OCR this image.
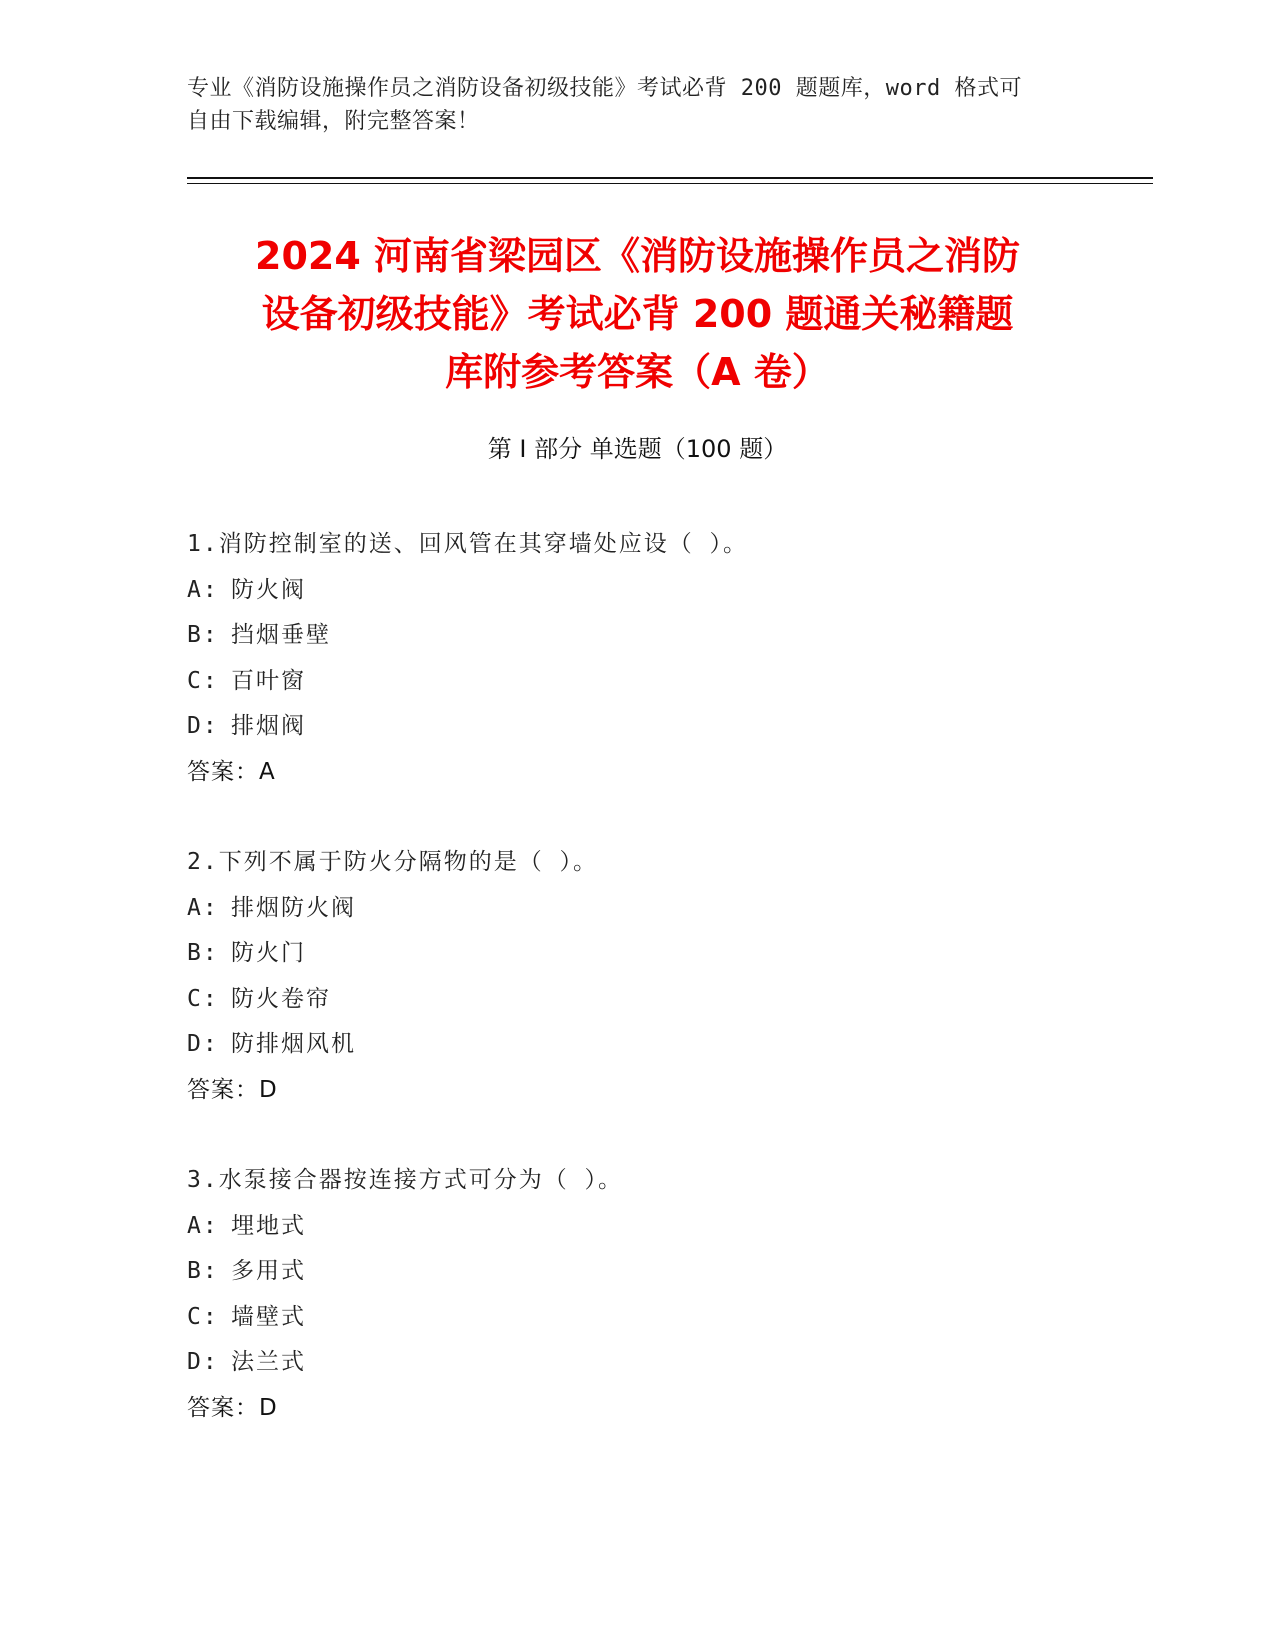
专业《消防设施操作员之消防设备初级技能》考试必背 200 题题库，word 格式可
自由下载编辑，附完整答案！
2024 河南省梁园区《消防设施操作员之消防
设备初级技能》考试必背 200 题通关秘籍题
库附参考答案（A 卷）
第 I 部分 单选题（100 题）
1.消防控制室的送、回风管在其穿墙处应设（ ）。
A: 防火阀
B: 挡烟垂壁
C: 百叶窗
D: 排烟阀
答案：A
2.下列不属于防火分隔物的是（ ）。
A: 排烟防火阀
B: 防火门
C: 防火卷帘
D: 防排烟风机
答案：D
3.水泵接合器按连接方式可分为（ ）。
A: 埋地式
B: 多用式
C: 墙壁式
D: 法兰式
答案：D
